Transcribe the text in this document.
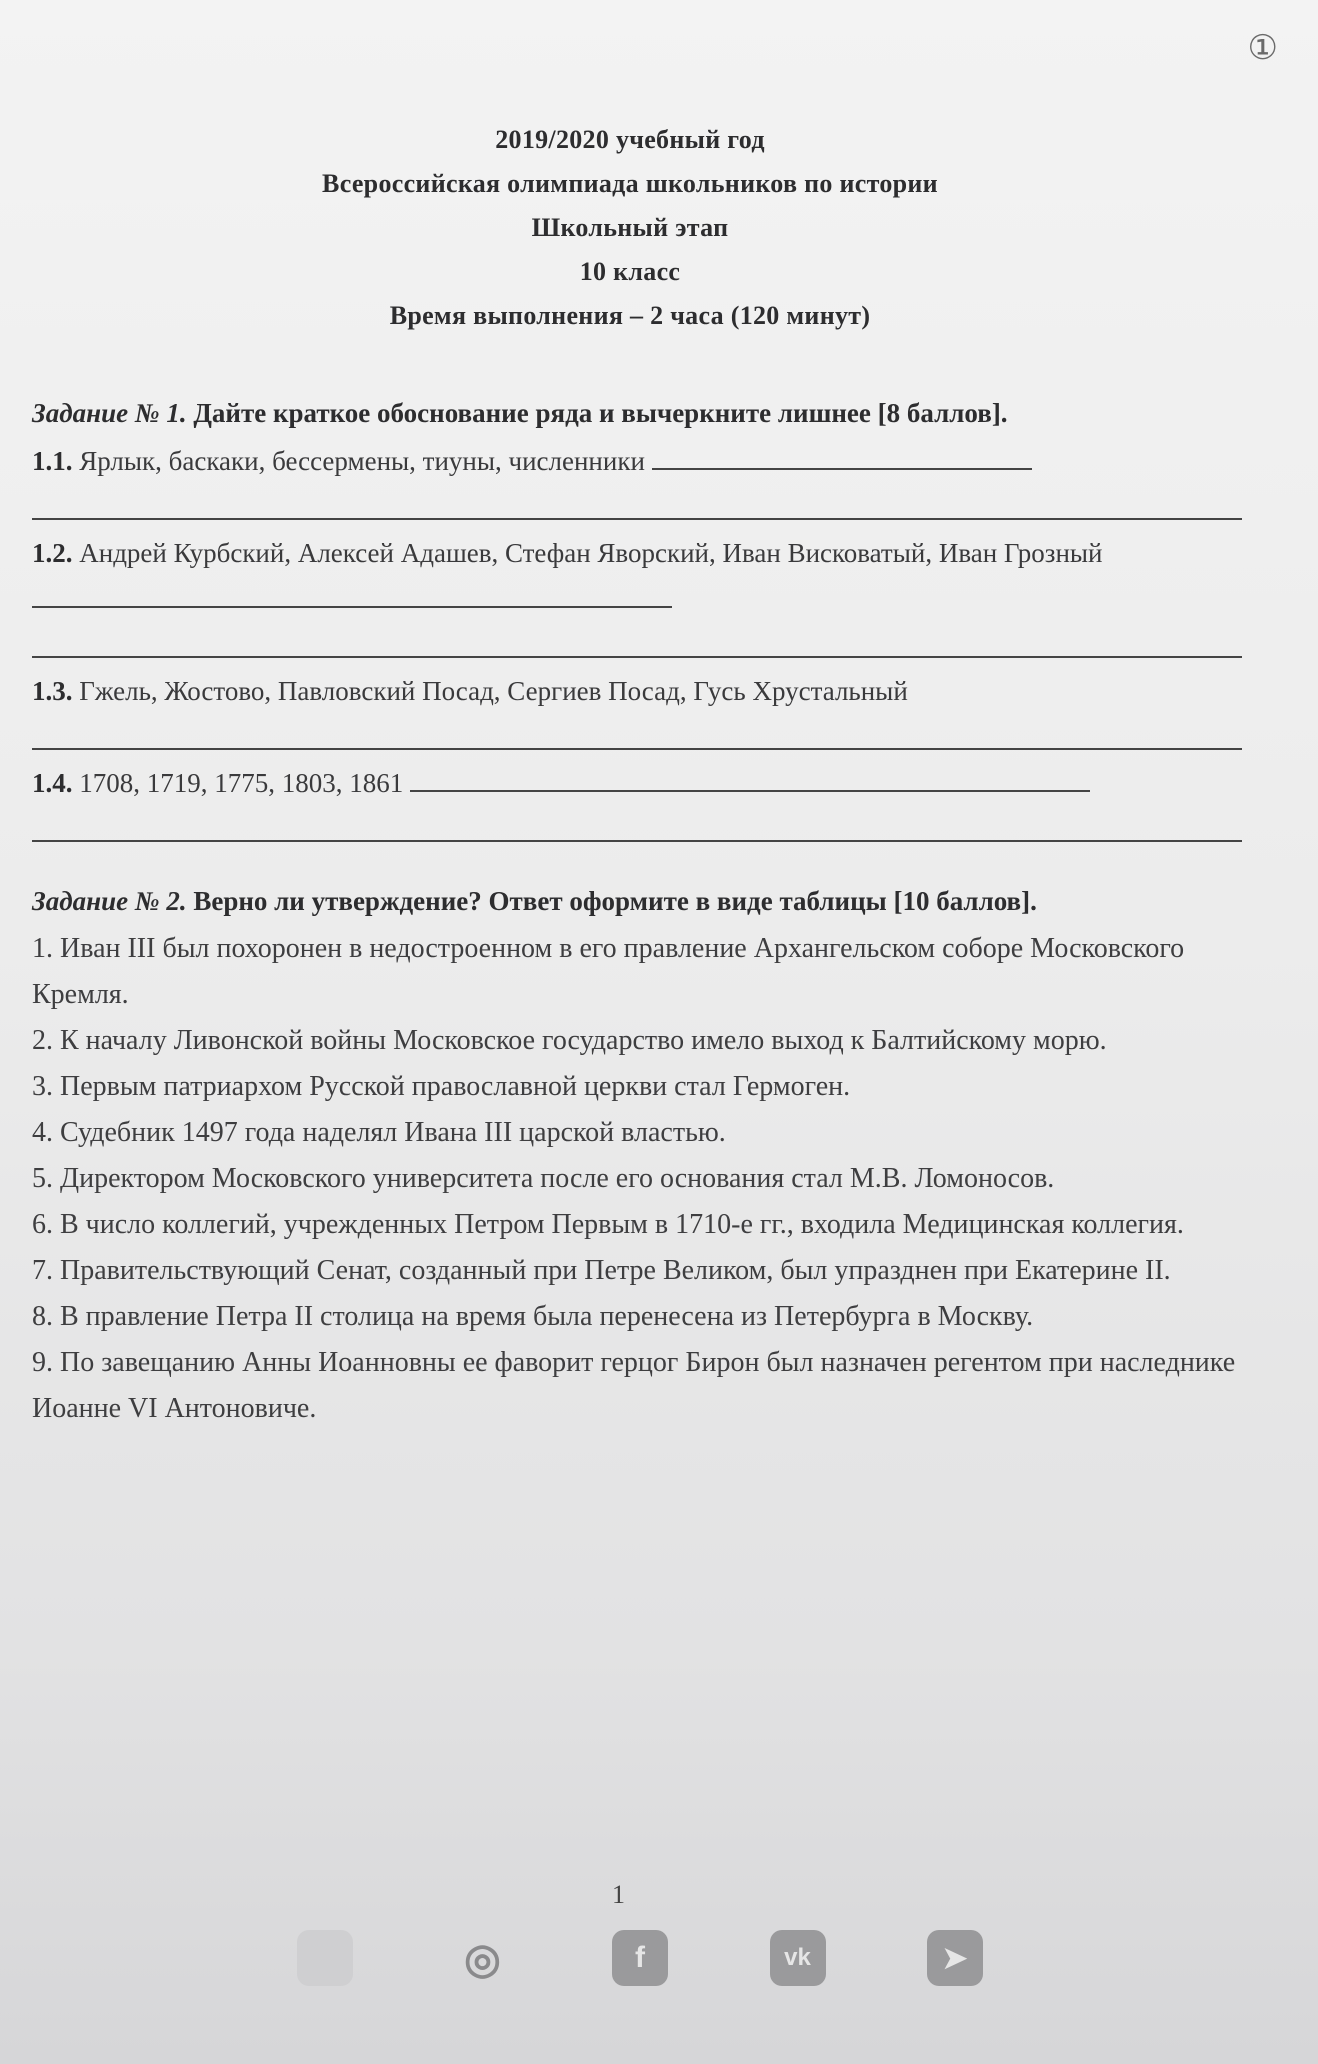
①
2019/2020 учебный год
Всероссийская олимпиада школьников по истории
Школьный этап
10 класс
Время выполнения – 2 часа (120 минут)
Задание № 1. Дайте краткое обоснование ряда и вычеркните лишнее [8 баллов].
1.1. Ярлык, баскаки, бессермены, тиуны, численники
1.2. Андрей Курбский, Алексей Адашев, Стефан Яворский, Иван Висковатый, Иван Грозный
1.3. Гжель, Жостово, Павловский Посад, Сергиев Посад, Гусь Хрустальный
1.4. 1708, 1719, 1775, 1803, 1861
Задание № 2. Верно ли утверждение? Ответ оформите в виде таблицы [10 баллов].

1. Иван III был похоронен в недостроенном в его правление Архангельском соборе Московского Кремля.

2. К началу Ливонской войны Московское государство имело выход к Балтийскому морю.

3. Первым патриархом Русской православной церкви стал Гермоген.

4. Судебник 1497 года наделял Ивана III царской властью.

5. Директором Московского университета после его основания стал М.В. Ломоносов.

6. В число коллегий, учрежденных Петром Первым в 1710-е гг., входила Медицинская коллегия.

7. Правительствующий Сенат, созданный при Петре Великом, был упразднен при Екатерине II.

8. В правление Петра II столица на время была перенесена из Петербурга в Москву.

9. По завещанию Анны Иоанновны ее фаворит герцог Бирон был назначен регентом при наследнике Иоанне VI Антоновиче.

1
◎	f	vk	➤
